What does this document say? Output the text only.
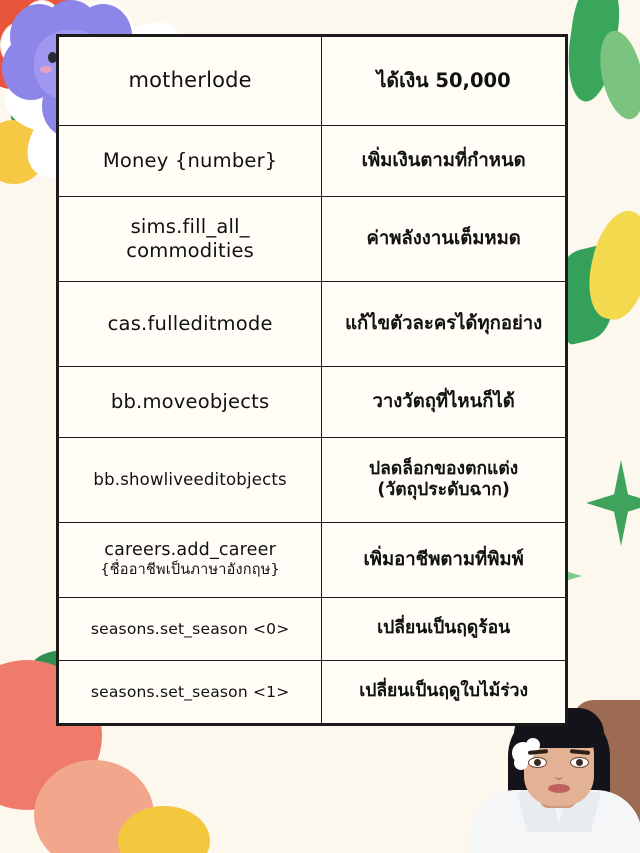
motherlode	ได้เงิน 50,000
Money {number}	เพิ่มเงินตามที่กำหนด

sims.fill_all_
commodities	ค่าพลังงานเต็มหมด
cas.fulleditmode	แก้ไขตัวละครได้ทุกอย่าง
bb.moveobjects	วางวัตถุที่ไหนก็ได้
bb.showliveeditobjects	ปลดล็อกของตกแต่ง
(วัตถุประดับฉาก)

careers.add_career
{ชื่ออาชีพเป็นภาษาอังกฤษ}	เพิ่มอาชีพตามที่พิมพ์
seasons.set_season <0>	เปลี่ยนเป็นฤดูร้อน
seasons.set_season <1>	เปลี่ยนเป็นฤดูใบไม้ร่วง
